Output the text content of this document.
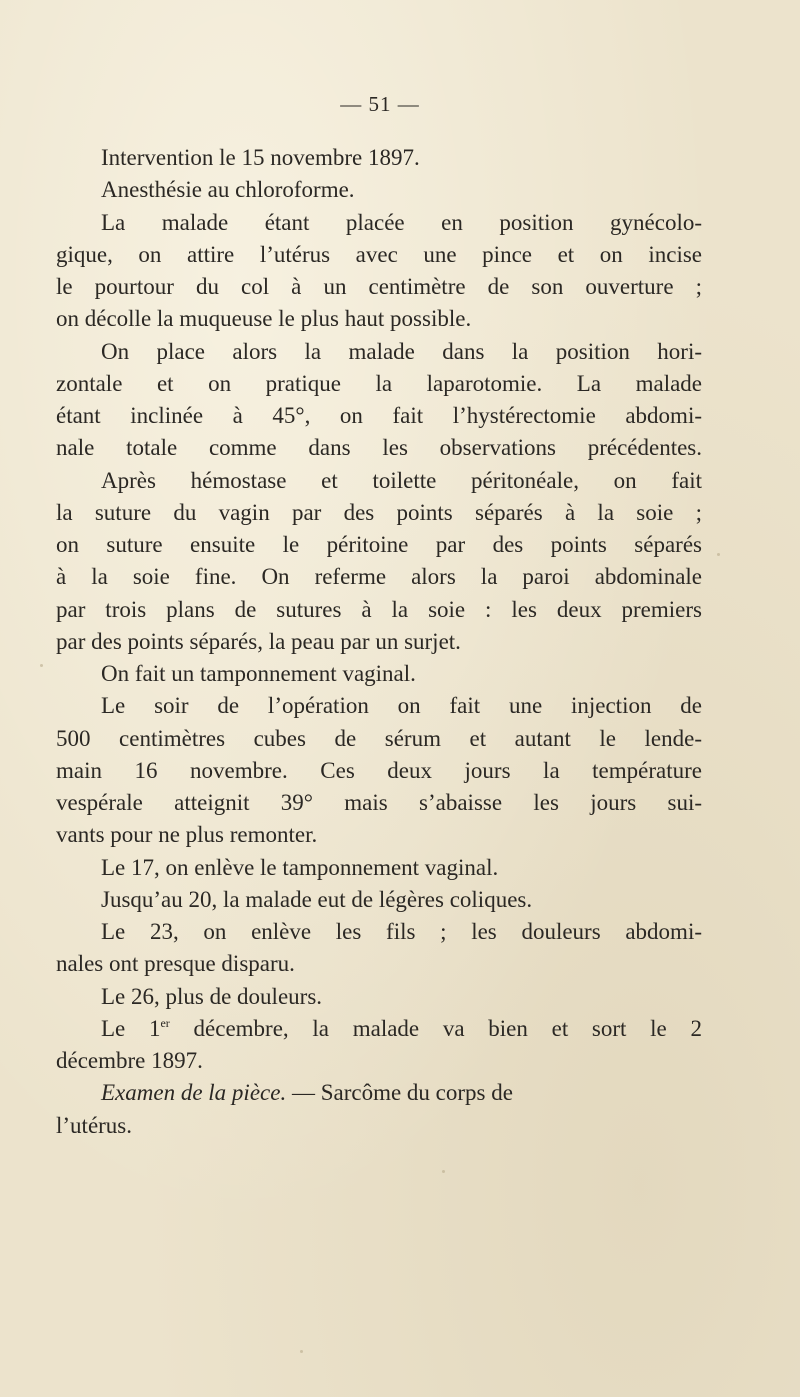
— 51 —
Intervention le 15 novembre 1897.
Anesthésie au chloroforme.
La malade étant placée en position gynécolo-
gique, on attire l’utérus avec une pince et on incise
le pourtour du col à un centimètre de son ouverture ;
on décolle la muqueuse le plus haut possible.
On place alors la malade dans la position hori-
zontale et on pratique la laparotomie. La malade
étant inclinée à 45°, on fait l’hystérectomie abdomi-
nale totale comme dans les observations précédentes.
Après hémostase et toilette péritonéale, on fait
la suture du vagin par des points séparés à la soie ;
on suture ensuite le péritoine par des points séparés
à la soie fine. On referme alors la paroi abdominale
par trois plans de sutures à la soie : les deux premiers
par des points séparés, la peau par un surjet.
On fait un tamponnement vaginal.
Le soir de l’opération on fait une injection de
500 centimètres cubes de sérum et autant le lende-
main 16 novembre. Ces deux jours la température
vespérale atteignit 39° mais s’abaisse les jours sui-
vants pour ne plus remonter.
Le 17, on enlève le tamponnement vaginal.
Jusqu’au 20, la malade eut de légères coliques.
Le 23, on enlève les fils ; les douleurs abdomi-
nales ont presque disparu.
Le 26, plus de douleurs.
Le 1er décembre, la malade va bien et sort le 2
décembre 1897.
Examen de la pièce. — Sarcôme du corps de
l’utérus.
